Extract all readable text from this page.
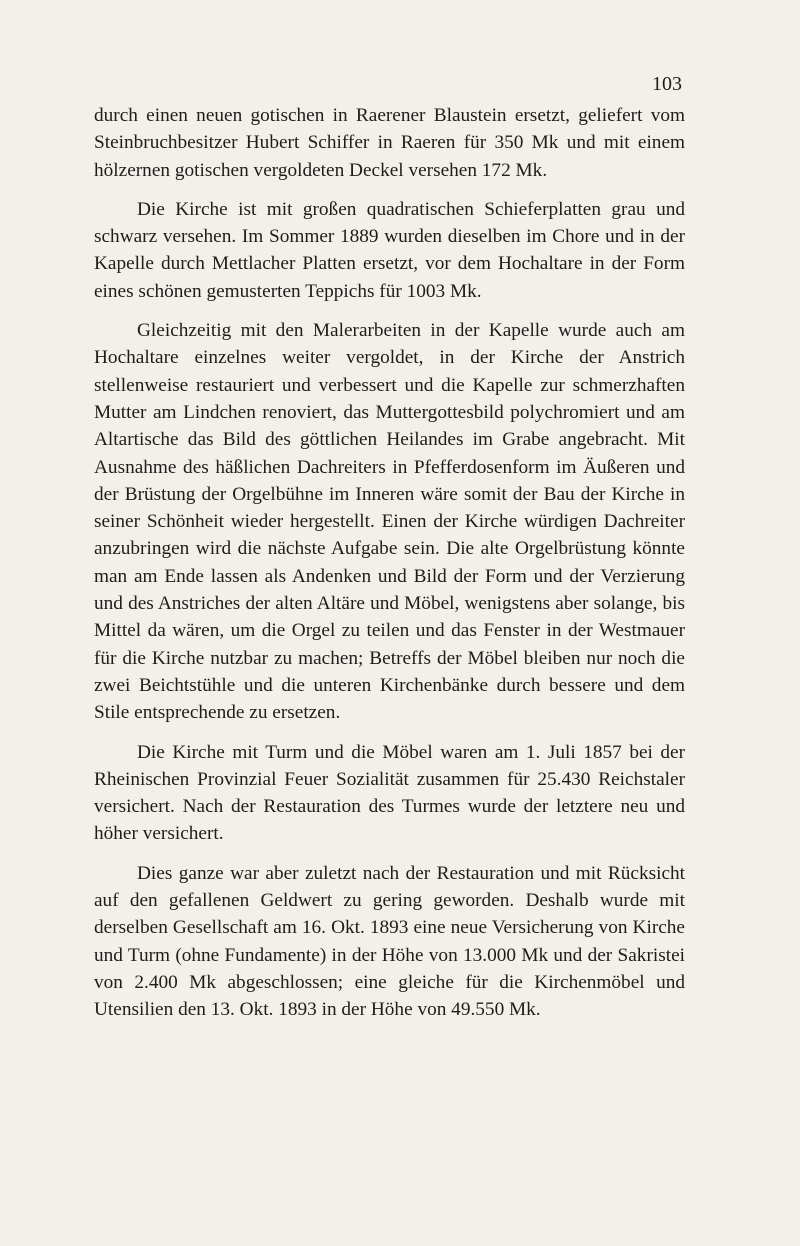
103

durch einen neuen gotischen in Raerener Blaustein ersetzt, geliefert vom Steinbruchbesitzer Hubert Schiffer in Raeren für 350 Mk und mit einem hölzernen gotischen vergoldeten Deckel versehen 172 Mk.

Die Kirche ist mit großen quadratischen Schieferplatten grau und schwarz versehen. Im Sommer 1889 wurden dieselben im Chore und in der Kapelle durch Mettlacher Platten ersetzt, vor dem Hochaltare in der Form eines schönen gemusterten Teppichs für 1003 Mk.

Gleichzeitig mit den Malerarbeiten in der Kapelle wurde auch am Hochaltare einzelnes weiter vergoldet, in der Kirche der Anstrich stellenweise restauriert und verbessert und die Kapelle zur schmerzhaften Mutter am Lindchen renoviert, das Muttergottesbild polychromiert und am Altartische das Bild des göttlichen Heilandes im Grabe angebracht. Mit Ausnahme des häßlichen Dachreiters in Pfefferdosenform im Äußeren und der Brüstung der Orgelbühne im Inneren wäre somit der Bau der Kirche in seiner Schönheit wieder hergestellt. Einen der Kirche würdigen Dachreiter anzubringen wird die nächste Aufgabe sein. Die alte Orgelbrüstung könnte man am Ende lassen als Andenken und Bild der Form und der Verzierung und des Anstriches der alten Altäre und Möbel, wenigstens aber solange, bis Mittel da wären, um die Orgel zu teilen und das Fenster in der Westmauer für die Kirche nutzbar zu machen; Betreffs der Möbel bleiben nur noch die zwei Beichtstühle und die unteren Kirchenbänke durch bessere und dem Stile entsprechende zu ersetzen.

Die Kirche mit Turm und die Möbel waren am 1. Juli 1857 bei der Rheinischen Provinzial Feuer Sozialität zusammen für 25.430 Reichstaler versichert. Nach der Restauration des Turmes wurde der letztere neu und höher versichert.

Dies ganze war aber zuletzt nach der Restauration und mit Rücksicht auf den gefallenen Geldwert zu gering geworden. Deshalb wurde mit derselben Gesellschaft am 16. Okt. 1893 eine neue Versicherung von Kirche und Turm (ohne Fundamente) in der Höhe von 13.000 Mk und der Sakristei von 2.400 Mk abgeschlossen; eine gleiche für die Kirchenmöbel und Utensilien den 13. Okt. 1893 in der Höhe von 49.550 Mk.
